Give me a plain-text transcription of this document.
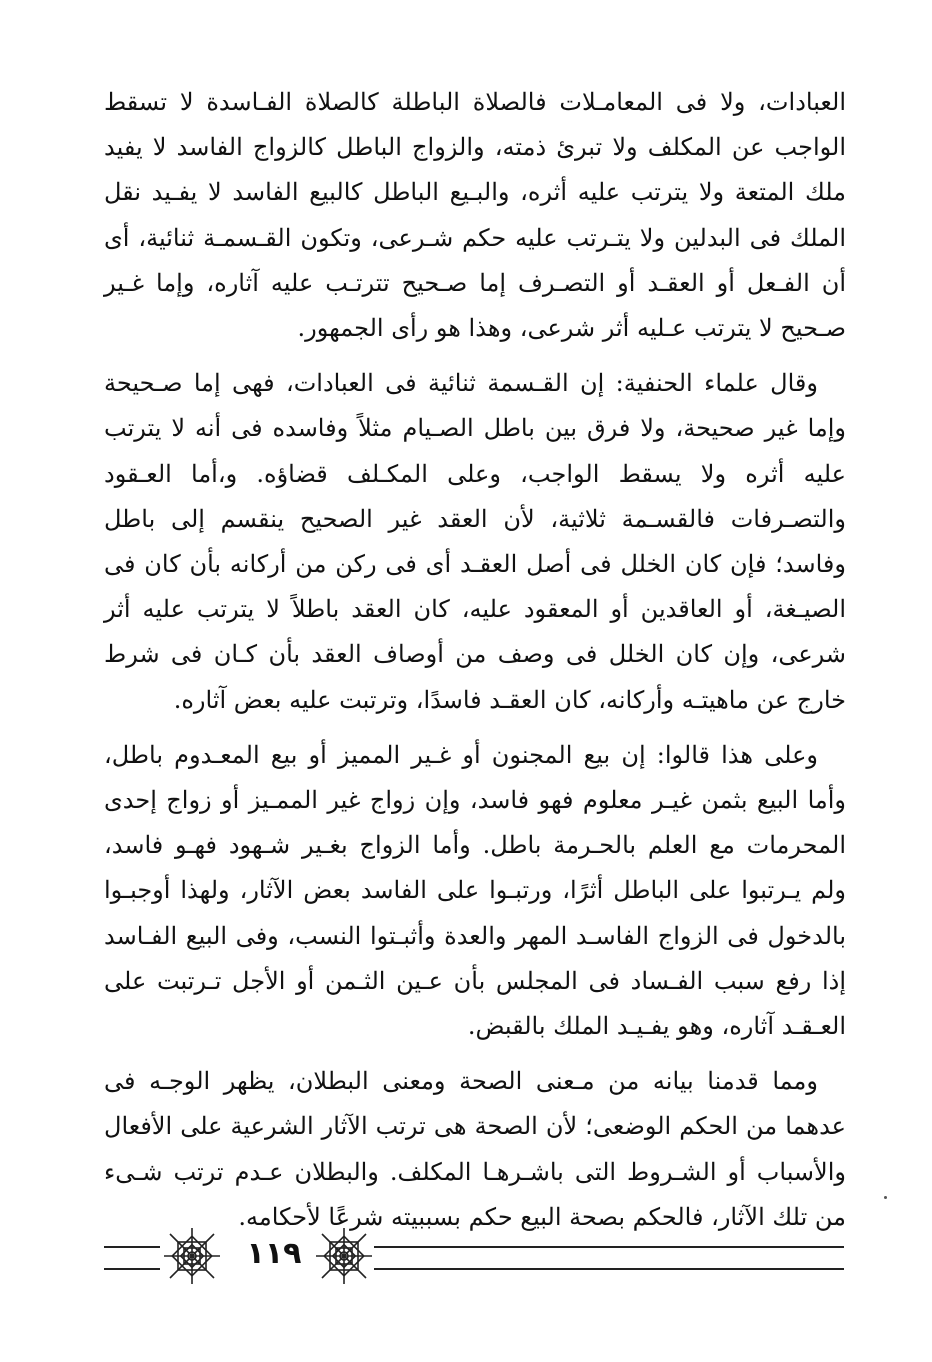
العبادات، ولا فى المعامـلات فالصلاة الباطلة كالصلاة الفـاسدة لا تسقط الواجب عن المكلف ولا تبرئ ذمته، والزواج الباطل كالزواج الفاسد لا يفيد ملك المتعة ولا يترتب عليه أثره، والبـيع الباطل كالبيع الفاسد لا يفـيد نقل الملك فى البدلين ولا يتـرتب عليه حكم شـرعى، وتكون القـسمـة ثنائية، أى أن الفـعل أو العقـد أو التصـرف إما صـحيح تترتـب عليه آثاره، وإما غـير صـحيح لا يترتب عـليه أثر شرعى، وهذا هو رأى الجمهور.

وقال علماء الحنفية: إن القـسمة ثنائية فى العبادات، فهى إما صـحيحة وإما غير صحيحة، ولا فرق بين باطل الصـيام مثلاً وفاسده فى أنه لا يترتب عليه أثره ولا يسقط الواجب، وعلى المكـلف قضاؤه. و،أما العـقود والتصـرفات فالقسـمة ثلاثية، لأن العقد غير الصحيح ينقسم إلى باطل وفاسد؛ فإن كان الخلل فى أصل العقـد أى فى ركن من أركانه بأن كان فى الصيـغة، أو العاقدين أو المعقود عليه، كان العقد باطلاً لا يترتب عليه أثر شرعى، وإن كان الخلل فى وصف من أوصاف العقد بأن كـان فى شرط خارج عن ماهيتـه وأركانه، كان العقـد فاسدًا، وترتبت عليه بعض آثاره.

وعلى هذا قالوا: إن بيع المجنون أو غـير المميز أو بيع المعـدوم باطل، وأما البيع بثمن غيـر معلوم فهو فاسد، وإن زواج غير الممـيز أو زواج إحدى المحرمات مع العلم بالحـرمة باطل. وأما الزواج بغـير شـهود فهـو فاسد، ولم يـرتبوا على الباطل أثرًا، ورتبـوا على الفاسد بعض الآثار، ولهذا أوجبـوا بالدخول فى الزواج الفاسـد المهر والعدة وأثبـتوا النسب، وفى البيع الفـاسد إذا رفع سبب الفـساد فى المجلس بأن عـين الثـمن أو الأجل تـرتبت على العـقـد آثاره، وهو يفـيـد الملك بالقبض.

ومما قدمنا بيانه من مـعنى الصحة ومعنى البطلان، يظهر الوجـه فى عدهما من الحكم الوضعى؛ لأن الصحة هى ترتب الآثار الشرعية على الأفعال والأسباب أو الشـروط التى باشـرهـا المكلف. والبطلان عـدم ترتب شـىء من تلك الآثار، فالحكم بصحة البيع حكم بسببيته شرعًا لأحكامه.

١١٩
